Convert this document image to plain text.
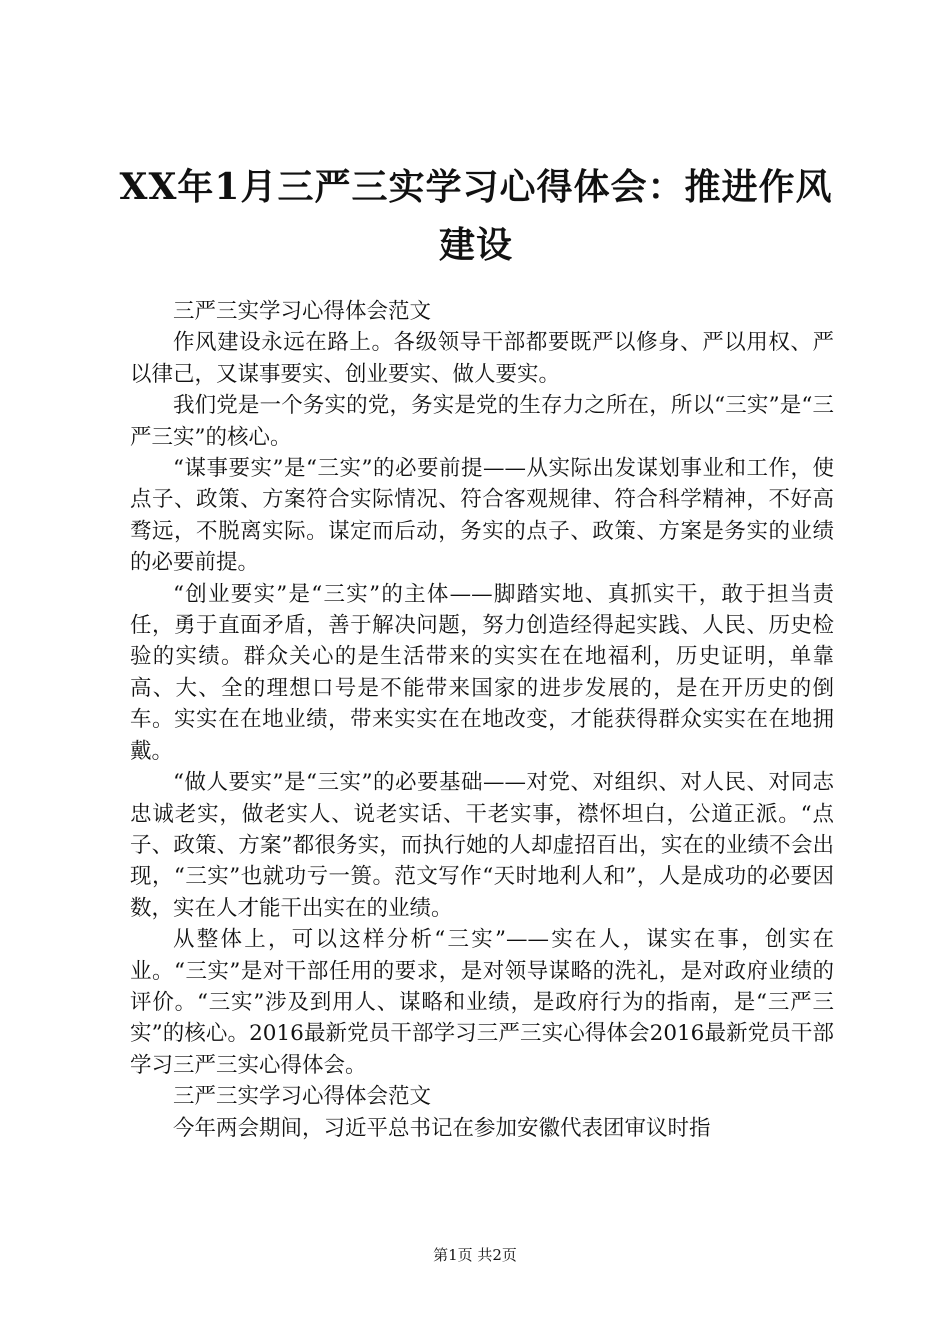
XX年1月三严三实学习心得体会：推进作风建设

三严三实学习心得体会范文

作风建设永远在路上。各级领导干部都要既严以修身、严以用权、严以律己，又谋事要实、创业要实、做人要实。

我们党是一个务实的党，务实是党的生存力之所在，所以“三实”是“三严三实”的核心。

“谋事要实”是“三实”的必要前提——从实际出发谋划事业和工作，使点子、政策、方案符合实际情况、符合客观规律、符合科学精神，不好高骛远，不脱离实际。谋定而后动，务实的点子、政策、方案是务实的业绩的必要前提。

“创业要实”是“三实”的主体——脚踏实地、真抓实干，敢于担当责任，勇于直面矛盾，善于解决问题，努力创造经得起实践、人民、历史检验的实绩。群众关心的是生活带来的实实在在地福利，历史证明，单靠高、大、全的理想口号是不能带来国家的进步发展的，是在开历史的倒车。实实在在地业绩，带来实实在在地改变，才能获得群众实实在在地拥戴。

“做人要实”是“三实”的必要基础——对党、对组织、对人民、对同志忠诚老实，做老实人、说老实话、干老实事，襟怀坦白，公道正派。“点子、政策、方案”都很务实，而执行她的人却虚招百出，实在的业绩不会出现，“三实”也就功亏一篑。范文写作“天时地利人和”，人是成功的必要因数，实在人才能干出实在的业绩。

从整体上，可以这样分析“三实”——实在人，谋实在事，创实在业。“三实”是对干部任用的要求，是对领导谋略的洗礼，是对政府业绩的评价。“三实”涉及到用人、谋略和业绩，是政府行为的指南，是“三严三实”的核心。2016最新党员干部学习三严三实心得体会2016最新党员干部学习三严三实心得体会。

三严三实学习心得体会范文

今年两会期间，习近平总书记在参加安徽代表团审议时指

第1页 共2页
